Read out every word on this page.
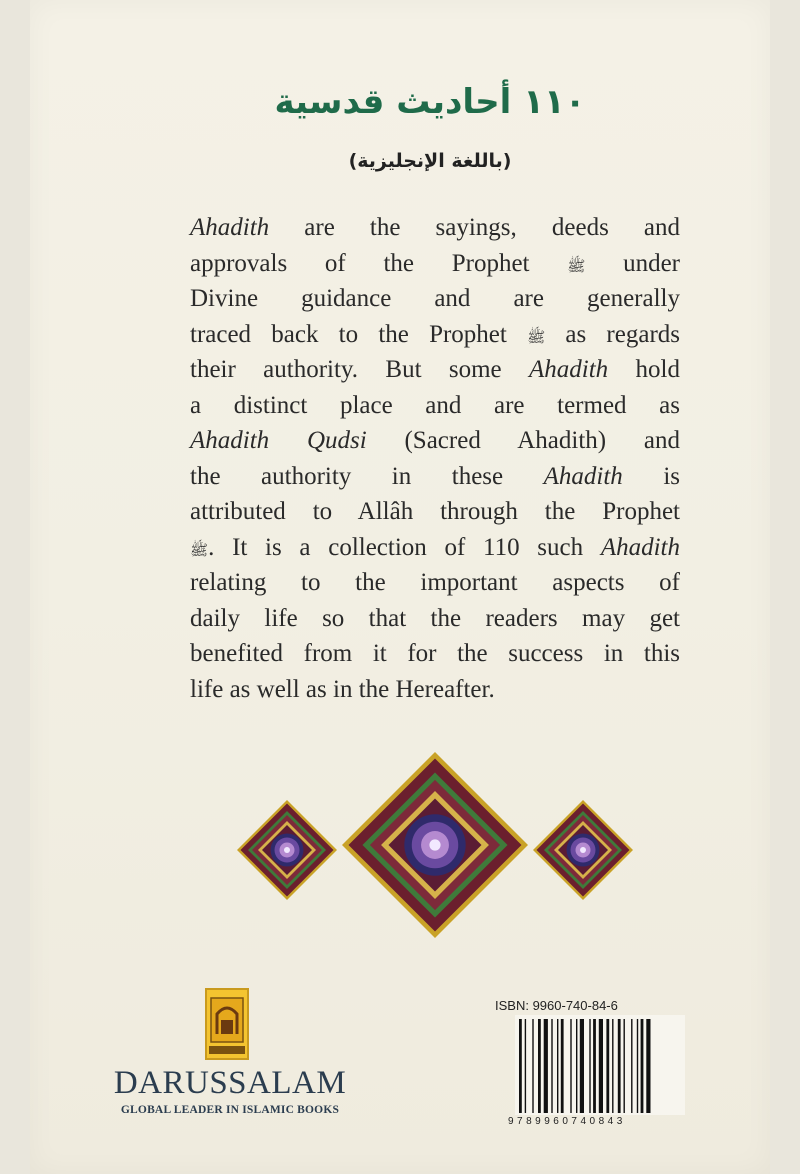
١١٠ أحاديث قدسية
(باللغة الإنجليزية)
Ahadith are the sayings, deeds and
approvals of the Prophet ﷺ under
Divine guidance and are generally
traced back to the Prophet ﷺ as regards
their authority. But some Ahadith hold
a distinct place and are termed as
Ahadith Qudsi (Sacred Ahadith) and
the authority in these Ahadith is
attributed to Allâh through the Prophet
ﷺ. It is a collection of 110 such Ahadith
relating to the important aspects of
daily life so that the readers may get
benefited from it for the success in this
life as well as in the Hereafter.
DARUSSALAM
GLOBAL LEADER IN ISLAMIC BOOKS
ISBN: 9960-740-84-6
9789960740843
